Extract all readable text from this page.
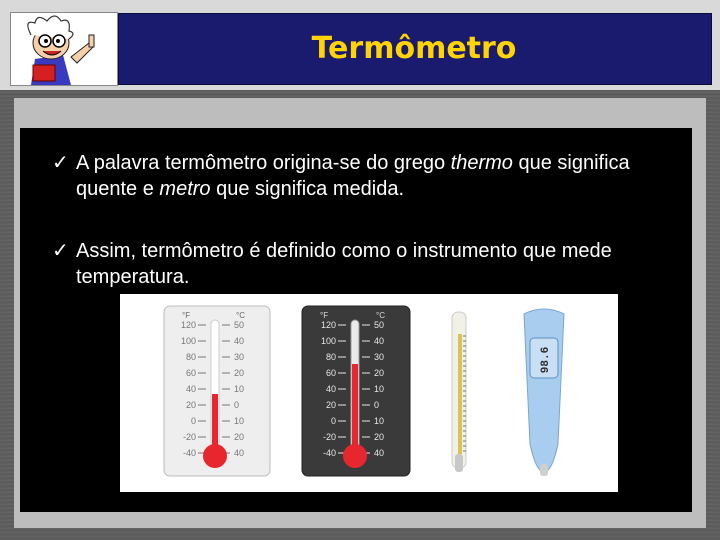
Termômetro
✓ A palavra termômetro origina-se do grego thermo que significa quente e metro que significa medida.
✓ Assim, termômetro é definido como o instrumento que mede temperatura.
°F	°C
120
100
80
60
40
20
0
-20
-40
50
40
30
20
10
0
10
20
40
°F	°C
120
100
80
60
40
20
0
-20
-40
50
40
30
20
10
0
10
20
40
98.6
